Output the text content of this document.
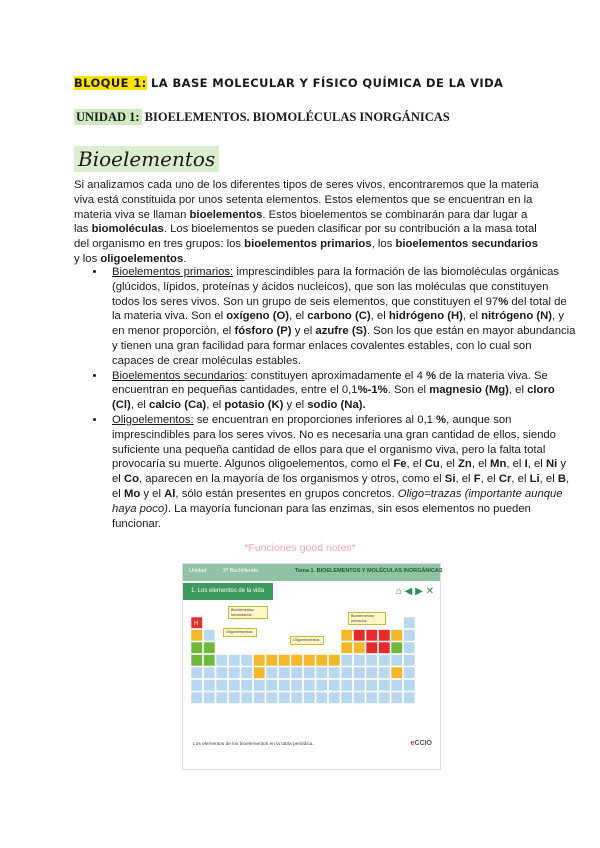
BLOQUE 1: LA BASE MOLECULAR Y FÍSICO QUÍMICA DE LA VIDA
UNIDAD 1: BIOELEMENTOS. BIOMOLÉCULAS INORGÁNICAS
Bioelementos

Si analizamos cada uno de los diferentes tipos de seres vivos, encontraremos que la materia viva está constituida por unos setenta elementos. Estos elementos que se encuentran en la materia viva se llaman bioelementos. Estos bioelementos se combinarán para dar lugar a las biomoléculas. Los bioelementos se pueden clasificar por su contribución a la masa total del organismo en tres grupos: los bioelementos primarios, los bioelementos secundarios y los oligoelementos.

• Bioelementos primarios: imprescindibles para la formación de las biomoléculas orgánicas (glúcidos, lípidos, proteínas y ácidos nucleicos), que son las moléculas que constituyen todos los seres vivos. Son un grupo de seis elementos, que constituyen el 97% del total de la materia viva. Son el oxígeno (O), el carbono (C), el hidrógeno (H), el nitrógeno (N), y en menor proporción, el fósforo (P) y el azufre (S). Son los que están en mayor abundancia y tienen una gran facilidad para formar enlaces covalentes estables, con lo cual son capaces de crear moléculas estables.
• Bioelementos secundarios: constituyen aproximadamente el 4 % de la materia viva. Se encuentran en pequeñas cantidades, entre el 0,1%-1%. Son el magnesio (Mg), el cloro (Cl), el calcio (Ca), el potasio (K) y el sodio (Na).
• Oligoelementos: se encuentran en proporciones inferiores al 0,1 %, aunque son imprescindibles para los seres vivos. No es necesaria una gran cantidad de ellos, siendo suficiente una pequeña cantidad de ellos para que el organismo viva, pero la falta total provocaría su muerte. Algunos oligoelementos, como el Fe, el Cu, el Zn, el Mn, el I, el Ni y el Co, aparecen en la mayoría de los organismos y otros, como el Si, el F, el Cr, el Li, el B, el Mo y el Al, sólo están presentes en grupos concretos. Oligo=trazas (importante aunque haya poco). La mayoría funcionan para las enzimas, sin esos elementos no pueden funcionar.
*Funciones good notes*
Unidad	2º Bachillerato	Tema 1. BIOELEMENTOS Y MOLÉCULAS INORGÁNICAS
1. Los elementos de la vida	⌂ ◀ ▶ ✕
H
Bioelementos secundarios
Oligoelementos
Oligoelementos
Bioelementos primarios
Los elementos de los bioelementos en la tabla periódica.	eCCIO
